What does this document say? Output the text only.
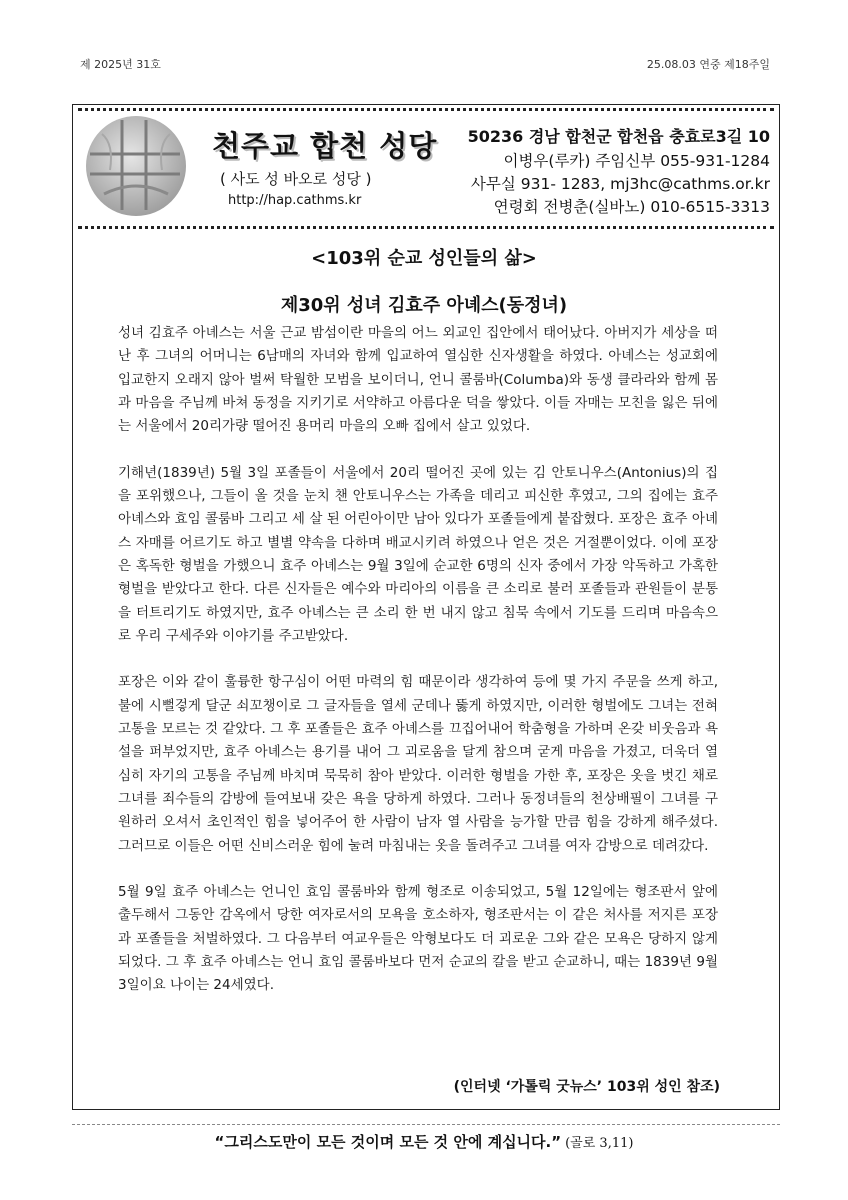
제 2025년 31호	25.08.03 연중 제18주일
천주교 합천 성당
( 사도 성 바오로 성당 )
http://hap.cathms.kr
50236 경남 합천군 합천읍 충효로3길 10
이병우(루카) 주임신부 055-931-1284
사무실 931- 1283, mj3hc@cathms.or.kr
연령회 전병춘(실바노) 010-6515-3313
<103위 순교 성인들의 삶>
제30위 성녀 김효주 아녜스(동정녀)

성녀 김효주 아녜스는 서울 근교 밤섬이란 마을의 어느 외교인 집안에서 태어났다. 아버지가 세상을 떠난 후 그녀의 어머니는 6남매의 자녀와 함께 입교하여 열심한 신자생활을 하였다. 아녜스는 성교회에 입교한지 오래지 않아 벌써 탁월한 모범을 보이더니, 언니 콜룸바(Columba)와 동생 클라라와 함께 몸과 마음을 주님께 바쳐 동정을 지키기로 서약하고 아름다운 덕을 쌓았다. 이들 자매는 모친을 잃은 뒤에는 서울에서 20리가량 떨어진 용머리 마을의 오빠 집에서 살고 있었다.

기해년(1839년) 5월 3일 포졸들이 서울에서 20리 떨어진 곳에 있는 김 안토니우스(Antonius)의 집을 포위했으나, 그들이 올 것을 눈치 챈 안토니우스는 가족을 데리고 피신한 후였고, 그의 집에는 효주 아녜스와 효임 콜룸바 그리고 세 살 된 어린아이만 남아 있다가 포졸들에게 붙잡혔다. 포장은 효주 아녜스 자매를 어르기도 하고 별별 약속을 다하며 배교시키려 하였으나 얻은 것은 거절뿐이었다. 이에 포장은 혹독한 형벌을 가했으니 효주 아녜스는 9월 3일에 순교한 6명의 신자 중에서 가장 악독하고 가혹한 형벌을 받았다고 한다. 다른 신자들은 예수와 마리아의 이름을 큰 소리로 불러 포졸들과 관원들이 분통을 터트리기도 하였지만, 효주 아녜스는 큰 소리 한 번 내지 않고 침묵 속에서 기도를 드리며 마음속으로 우리 구세주와 이야기를 주고받았다.

포장은 이와 같이 훌륭한 항구심이 어떤 마력의 힘 때문이라 생각하여 등에 몇 가지 주문을 쓰게 하고, 불에 시뻘겋게 달군 쇠꼬챙이로 그 글자들을 열세 군데나 뚫게 하였지만, 이러한 형벌에도 그녀는 전혀 고통을 모르는 것 같았다. 그 후 포졸들은 효주 아녜스를 끄집어내어 학춤형을 가하며 온갖 비웃음과 욕설을 퍼부었지만, 효주 아녜스는 용기를 내어 그 괴로움을 달게 참으며 굳게 마음을 가졌고, 더욱더 열심히 자기의 고통을 주님께 바치며 묵묵히 참아 받았다. 이러한 형벌을 가한 후, 포장은 옷을 벗긴 채로 그녀를 죄수들의 감방에 들여보내 갖은 욕을 당하게 하였다. 그러나 동정녀들의 천상배필이 그녀를 구원하러 오셔서 초인적인 힘을 넣어주어 한 사람이 남자 열 사람을 능가할 만큼 힘을 강하게 해주셨다. 그러므로 이들은 어떤 신비스러운 힘에 눌려 마침내는 옷을 돌려주고 그녀를 여자 감방으로 데려갔다.

5월 9일 효주 아녜스는 언니인 효임 콜룸바와 함께 형조로 이송되었고, 5월 12일에는 형조판서 앞에 출두해서 그동안 감옥에서 당한 여자로서의 모욕을 호소하자, 형조판서는 이 같은 처사를 저지른 포장과 포졸들을 처벌하였다. 그 다음부터 여교우들은 악형보다도 더 괴로운 그와 같은 모욕은 당하지 않게 되었다. 그 후 효주 아녜스는 언니 효임 콜룸바보다 먼저 순교의 칼을 받고 순교하니, 때는 1839년 9월 3일이요 나이는 24세였다.

(인터넷 ‘가톨릭 굿뉴스’ 103위 성인 참조)
“그리스도만이 모든 것이며 모든 것 안에 계십니다.” (골로 3,11)
